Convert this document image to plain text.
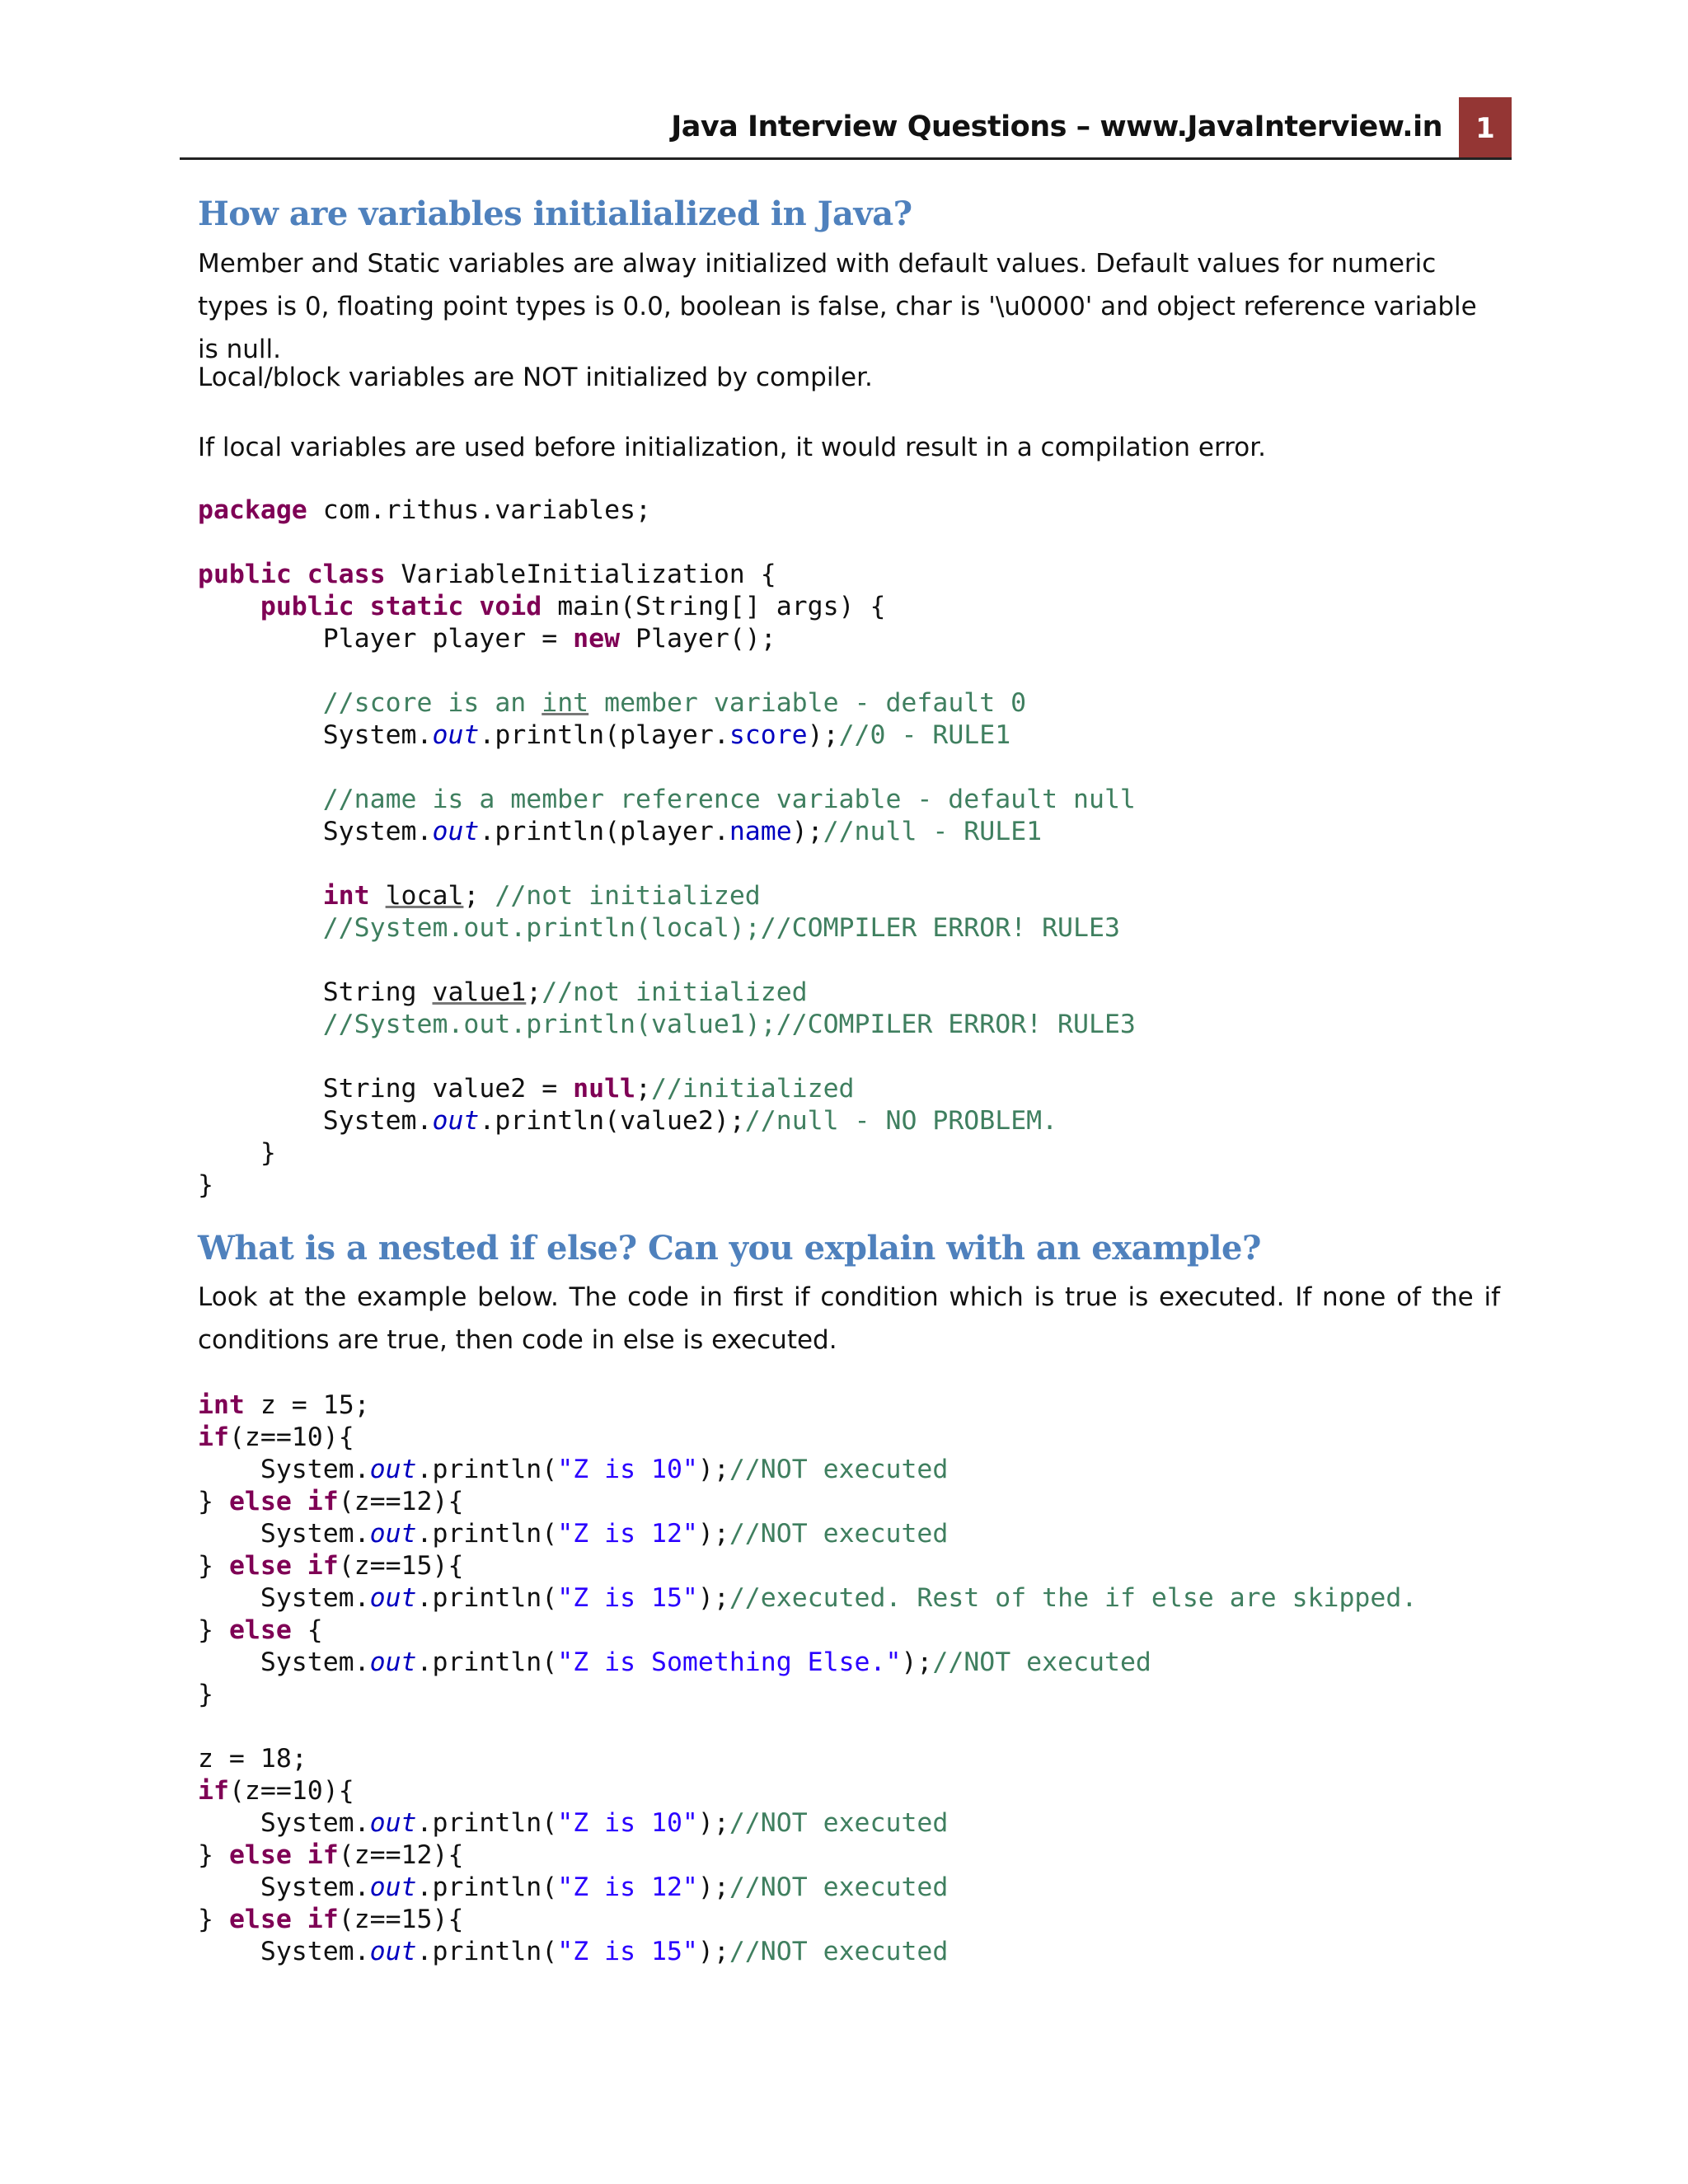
Java Interview Questions – www.JavaInterview.in	1
How are variables initialialized in Java?

Member and Static variables are alway initialized with default values. Default values for numeric types is 0, floating point types is 0.0, boolean is false, char is '\u0000' and object reference variable is null.

Local/block variables are NOT initialized by compiler.

If local variables are used before initialization, it would result in a compilation error.

package com.rithus.variables;

public class VariableInitialization {
public static void main(String[] args) {
Player player = new Player();

//score is an int member variable - default 0
System.out.println(player.score);//0 - RULE1

//name is a member reference variable - default null
System.out.println(player.name);//null - RULE1

int local; //not initialized
//System.out.println(local);//COMPILER ERROR! RULE3

String value1;//not initialized
//System.out.println(value1);//COMPILER ERROR! RULE3

String value2 = null;//initialized
System.out.println(value2);//null - NO PROBLEM.
}
}

What is a nested if else? Can you explain with an example?

Look at the example below. The code in first if condition which is true is executed. If none of the if conditions are true, then code in else is executed.

int z = 15;
if(z==10){
System.out.println("Z is 10");//NOT executed
} else if(z==12){
System.out.println("Z is 12");//NOT executed
} else if(z==15){
System.out.println("Z is 15");//executed. Rest of the if else are skipped.
} else {
System.out.println("Z is Something Else.");//NOT executed
}

z = 18;
if(z==10){
System.out.println("Z is 10");//NOT executed
} else if(z==12){
System.out.println("Z is 12");//NOT executed
} else if(z==15){
System.out.println("Z is 15");//NOT executed
